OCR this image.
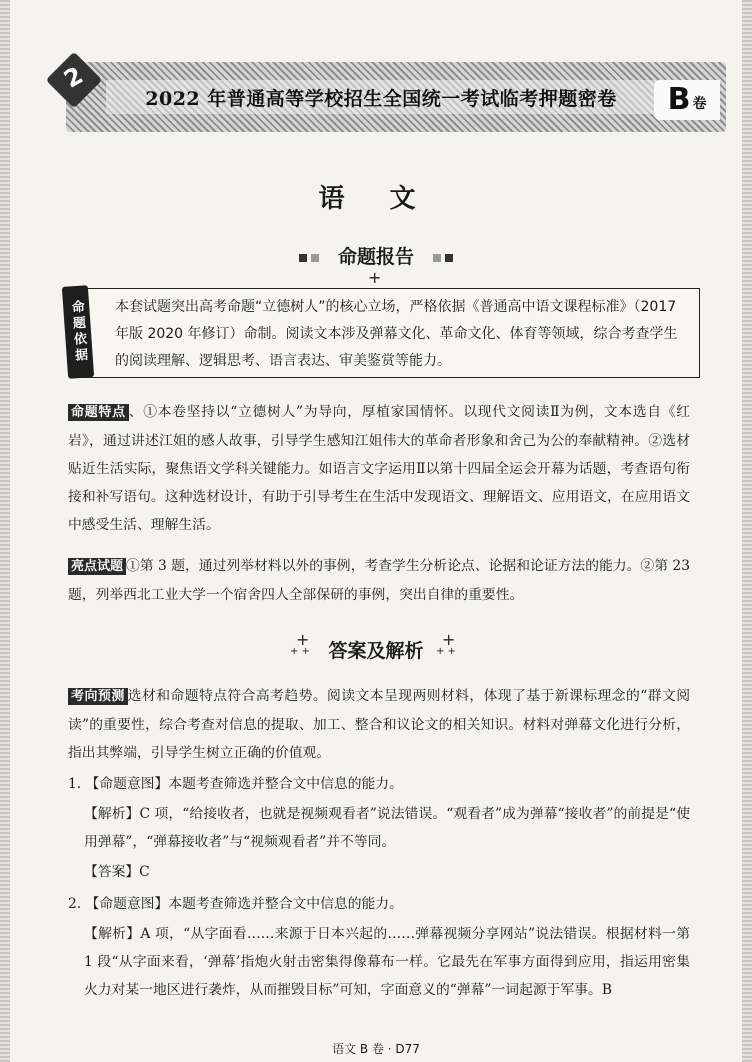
2022 年普通高等学校招生全国统一考试临考押题密卷
2
B 卷
语 文
命题报告
+
命题依据	本套试题突出高考命题“立德树人”的核心立场，严格依据《普通高中语文课程标准》（2017 年版 2020 年修订）命制。阅读文本涉及弹幕文化、革命文化、体育等领域，综合考查学生的阅读理解、逻辑思考、语言表达、审美鉴赏等能力。
命题特点 、①本卷坚持以“立德树人”为导向，厚植家国情怀。以现代文阅读Ⅱ为例，文本选自《红岩》，通过讲述江姐的感人故事，引导学生感知江姐伟大的革命者形象和舍己为公的奉献精神。②选材贴近生活实际，聚焦语文学科关键能力。如语言文字运用Ⅱ以第十四届全运会开幕为话题，考查语句衔接和补写语句。这种选材设计，有助于引导考生在生活中发现语文、理解语文、应用语文，在应用语文中感受生活、理解生活。
亮点试题 ①第 3 题，通过列举材料以外的事例，考查学生分析论点、论据和论证方法的能力。②第 23 题，列举西北工业大学一个宿舍四人全部保研的事例，突出自律的重要性。
+
+ + 答案及解析
+
+ +
考向预测 选材和命题特点符合高考趋势。阅读文本呈现两则材料，体现了基于新课标理念的“群文阅读”的重要性，综合考查对信息的提取、加工、整合和议论文的相关知识。材料对弹幕文化进行分析，指出其弊端，引导学生树立正确的价值观。
1. 【命题意图】本题考查筛选并整合文中信息的能力。
【解析】C 项，“给接收者，也就是视频观看者”说法错误。“观看者”成为弹幕“接收者”的前提是“使用弹幕”，“弹幕接收者”与“视频观看者”并不等同。
【答案】C
2. 【命题意图】本题考查筛选并整合文中信息的能力。
【解析】A 项，“从字面看……来源于日本兴起的……弹幕视频分享网站”说法错误。根据材料一第 1 段“从字面来看，‘弹幕’指炮火射击密集得像幕布一样。它最先在军事方面得到应用，指运用密集火力对某一地区进行袭炸，从而摧毁目标”可知，字面意义的“弹幕”一词起源于军事。B
语文 B 卷 · D77
